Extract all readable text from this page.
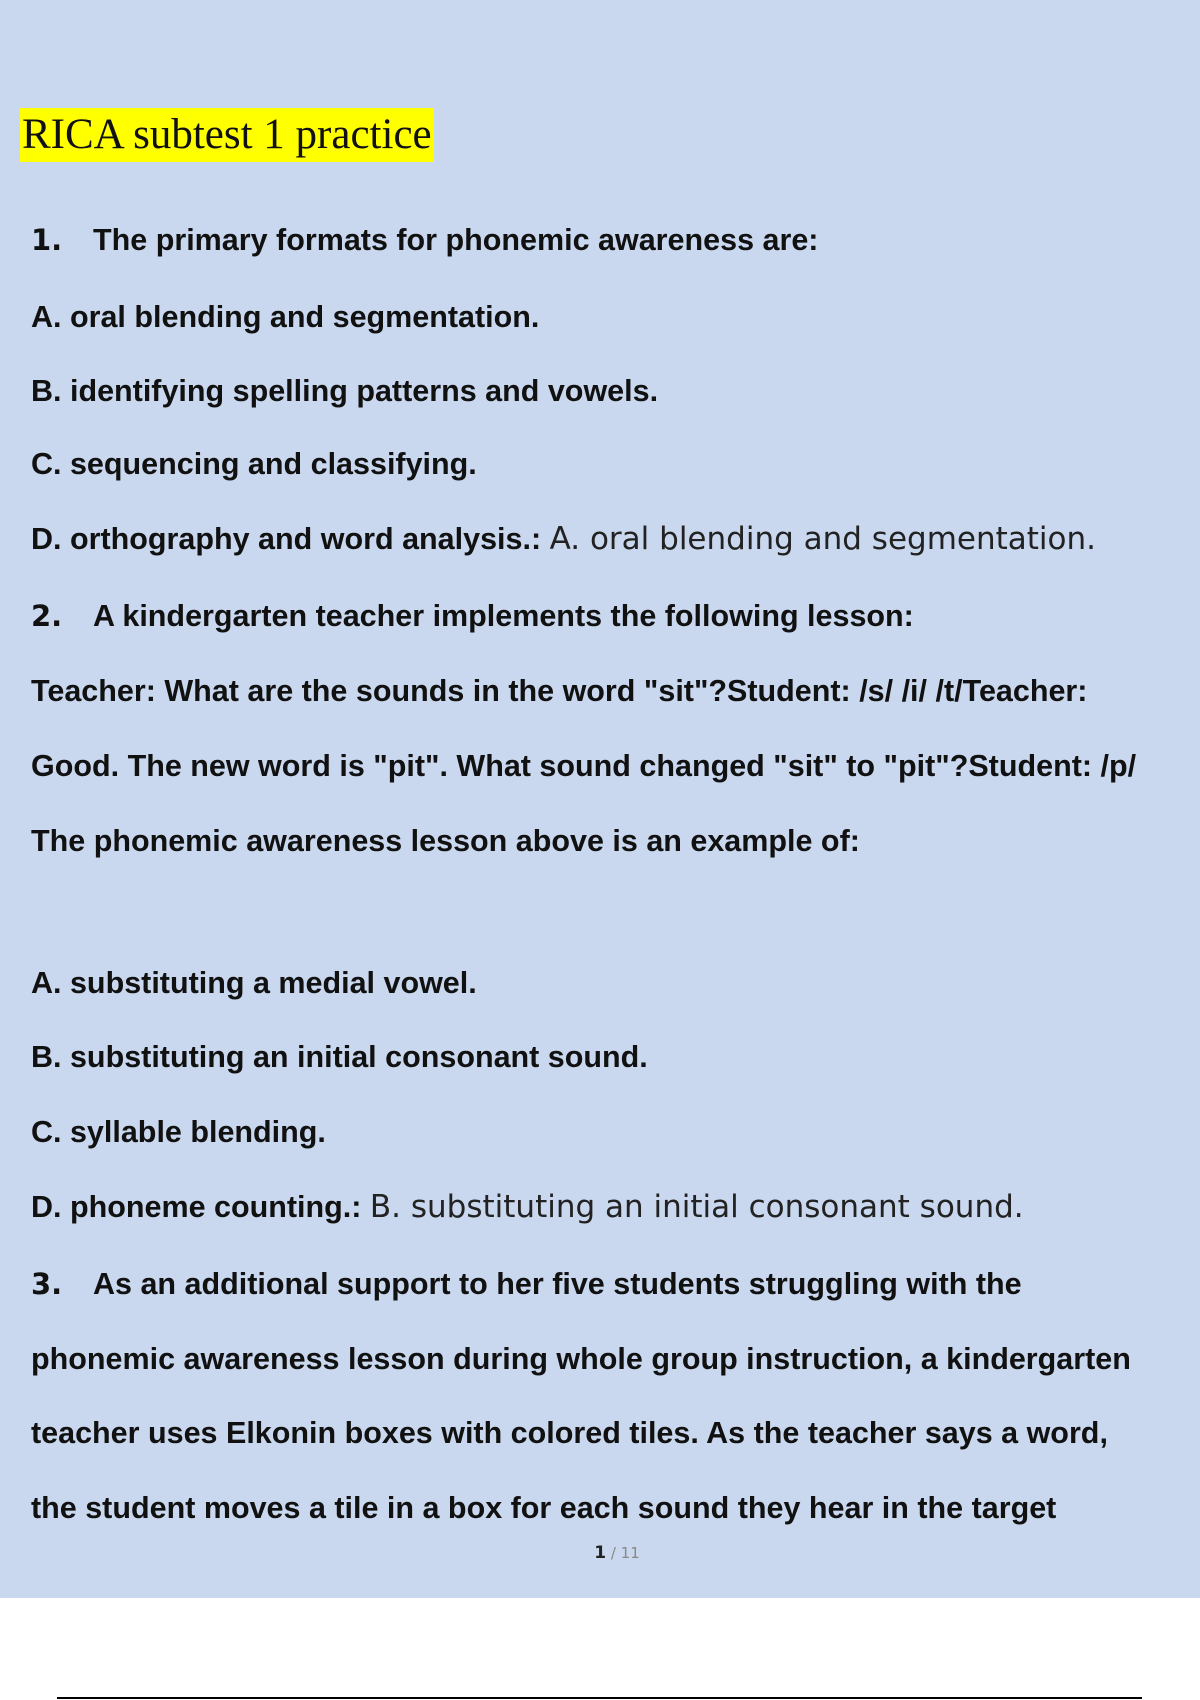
RICA subtest 1 practice
1. The primary formats for phonemic awareness are:
A. oral blending and segmentation.
B. identifying spelling patterns and vowels.
C. sequencing and classifying.
D. orthography and word analysis.: A. oral blending and segmentation.
2. A kindergarten teacher implements the following lesson:
Teacher: What are the sounds in the word "sit"?Student: /s/ /i/ /t/Teacher:
Good. The new word is "pit". What sound changed "sit" to "pit"?Student: /p/
The phonemic awareness lesson above is an example of:
A. substituting a medial vowel.
B. substituting an initial consonant sound.
C. syllable blending.
D. phoneme counting.: B. substituting an initial consonant sound.
3. As an additional support to her five students struggling with the
phonemic awareness lesson during whole group instruction, a kindergarten
teacher uses Elkonin boxes with colored tiles. As the teacher says a word,
the student moves a tile in a box for each sound they hear in the target
1 / 11
